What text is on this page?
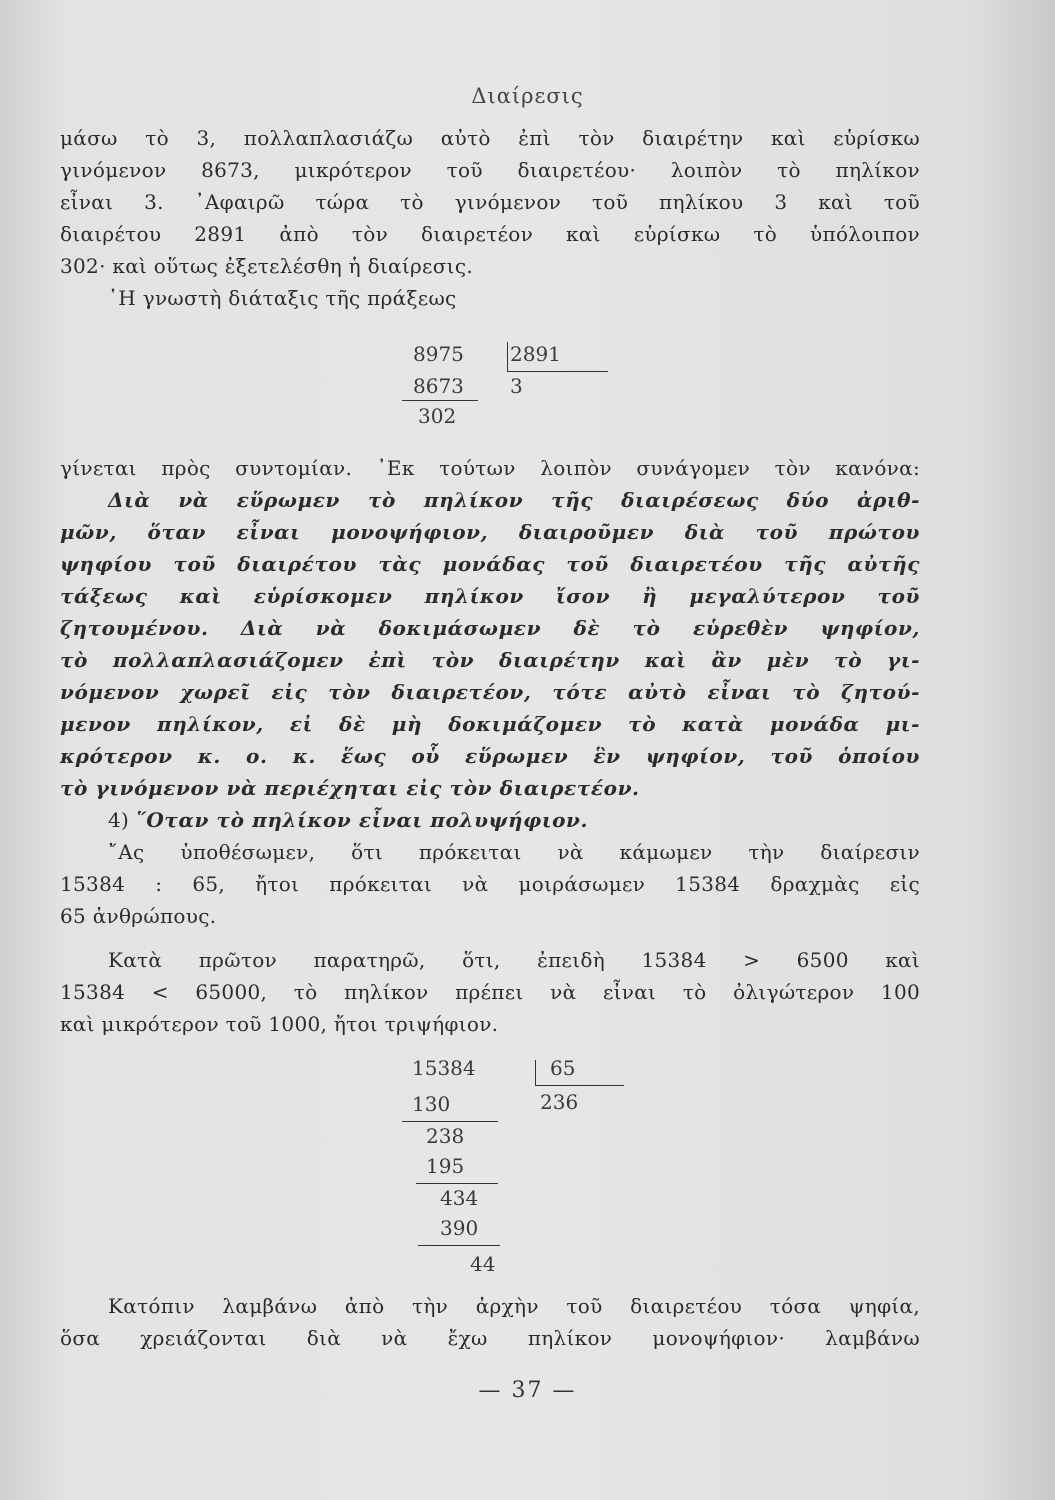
Διαίρεσις
μάσω τὸ 3, πολλαπλασιάζω αὐτὸ ἐπὶ τὸν διαιρέτην καὶ εὑρίσκω
γινόμενον 8673, μικρότερον τοῦ διαιρετέου· λοιπὸν τὸ πηλίκον
εἶναι 3. ᾿Αφαιρῶ τώρα τὸ γινόμενον τοῦ πηλίκου 3 καὶ τοῦ
διαιρέτου 2891 ἀπὸ τὸν διαιρετέον καὶ εὑρίσκω τὸ ὑπόλοιπον
302· καὶ οὕτως ἐξετελέσθη ἡ διαίρεσις.
῾Η γνωστὴ διάταξις τῆς πράξεως
8975 2891
8673 3
302
γίνεται πρὸς συντομίαν. ᾿Εκ τούτων λοιπὸν συνάγομεν τὸν κανόνα:
Διὰ νὰ εὕρωμεν τὸ πηλίκον τῆς διαιρέσεως δύο ἀριθ-
μῶν, ὅταν εἶναι μονοψήφιον, διαιροῦμεν διὰ τοῦ πρώτου
ψηφίου τοῦ διαιρέτου τὰς μονάδας τοῦ διαιρετέου τῆς αὐτῆς
τάξεως καὶ εὑρίσκομεν πηλίκον ἴσον ἢ μεγαλύτερον τοῦ
ζητουμένου. Διὰ νὰ δοκιμάσωμεν δὲ τὸ εὑρεθὲν ψηφίον,
τὸ πολλαπλασιάζομεν ἐπὶ τὸν διαιρέτην καὶ ἂν μὲν τὸ γι-
νόμενον χωρεῖ εἰς τὸν διαιρετέον, τότε αὐτὸ εἶναι τὸ ζητού-
μενον πηλίκον, εἰ δὲ μὴ δοκιμάζομεν τὸ κατὰ μονάδα μι-
κρότερον κ. ο. κ. ἕως οὗ εὕρωμεν ἓν ψηφίον, τοῦ ὁποίου
τὸ γινόμενον νὰ περιέχηται εἰς τὸν διαιρετέον.
4) ῞Οταν τὸ πηλίκον εἶναι πολυψήφιον.
῎Ας ὑποθέσωμεν, ὅτι πρόκειται νὰ κάμωμεν τὴν διαίρεσιν
15384 : 65, ἤτοι πρόκειται νὰ μοιράσωμεν 15384 δραχμὰς εἰς
65 ἀνθρώπους.
Κατὰ πρῶτον παρατηρῶ, ὅτι, ἐπειδὴ 15384 > 6500 καὶ
15384 < 65000, τὸ πηλίκον πρέπει νὰ εἶναι τὸ ὀλιγώτερον 100
καὶ μικρότερον τοῦ 1000, ἤτοι τριψήφιον.
15384	65
236
130
238
195
434
390
44
Κατόπιν λαμβάνω ἀπὸ τὴν ἀρχὴν τοῦ διαιρετέου τόσα ψηφία,
ὅσα χρειάζονται διὰ νὰ ἔχω πηλίκον μονοψήφιον· λαμβάνω
— 37 —
